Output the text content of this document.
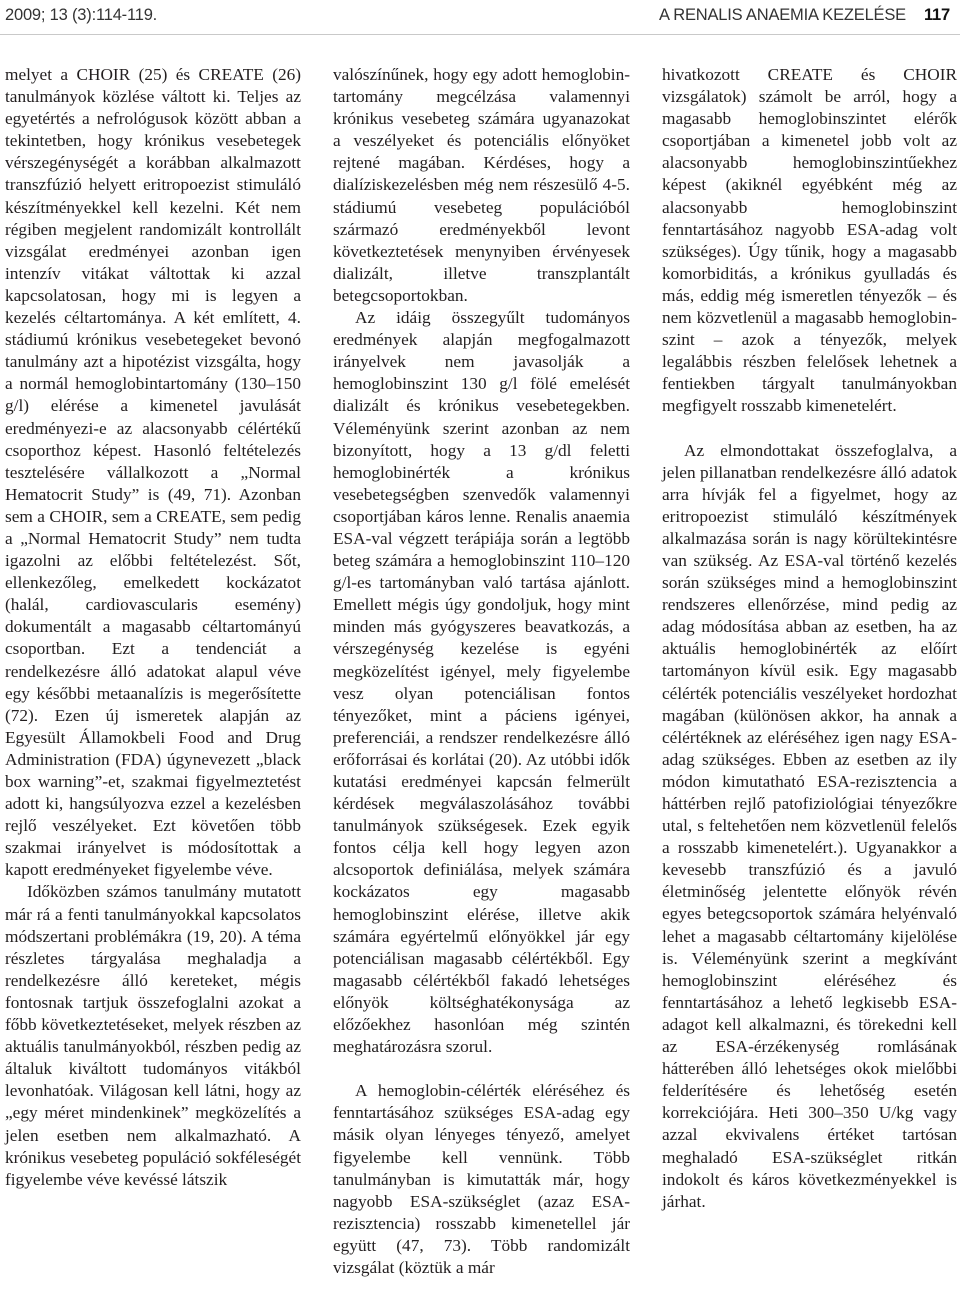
2009; 13 (3):114-119.	A RENALIS ANAEMIA KEZELÉSE 117

melyet a CHOIR (25) és CREATE (26) tanulmányok közlése váltott ki. Teljes az egyetértés a nefrológusok között abban a tekintetben, hogy krónikus vesebetegek vérszegénységét a korábban alkalmazott transzfúzió helyett eritropoezist stimuláló készítményekkel kell kezelni. Két nem régiben megjelent randomizált kontrollált vizsgálat eredményei azonban igen intenzív vitákat váltottak ki azzal kapcsolatosan, hogy mi is legyen a kezelés céltartománya. A két említett, 4. stádiumú krónikus vesebetegeket bevonó tanulmány azt a hipotézist vizsgálta, hogy a normál hemoglobintartomány (130–150 g/l) elérése a kimenetel javulását eredményezi-e az alacsonyabb célértékű csoporthoz képest. Hasonló feltételezés tesztelésére vállalkozott a „Normal Hematocrit Study” is (49, 71). Azonban sem a CHOIR, sem a CREATE, sem pedig a „Normal Hematocrit Study” nem tudta igazolni az előbbi feltételezést. Sőt, ellenkezőleg, emelkedett kockázatot (halál, cardiovascularis esemény) dokumentált a magasabb céltartományú csoportban. Ezt a tendenciát a rendelkezésre álló adatokat alapul véve egy későbbi metaanalízis is megerősítette (72). Ezen új ismeretek alapján az Egyesült Államokbeli Food and Drug Administration (FDA) úgynevezett „black box warning”-et, szakmai figyelmeztetést adott ki, hangsúlyozva ezzel a kezelésben rejlő veszélyeket. Ezt követően több szakmai irányelvet is módosítottak a kapott eredményeket figyelembe véve.

Időközben számos tanulmány mutatott már rá a fenti tanulmányokkal kapcsolatos módszertani problémákra (19, 20). A téma részletes tárgyalása meghaladja a rendelkezésre álló kereteket, mégis fontosnak tartjuk összefoglalni azokat a főbb következtetéseket, melyek részben az aktuális tanulmányokból, részben pedig az általuk kiváltott tudományos vitákból levonhatóak. Világosan kell látni, hogy az „egy méret mindenkinek” megközelítés a jelen esetben nem alkalmazható. A krónikus vesebeteg populáció sokféleségét figyelembe véve kevéssé látszik

valószínűnek, hogy egy adott hemoglobin-tartomány megcélzása valamennyi krónikus vesebeteg számára ugyanazokat a veszélyeket és potenciális előnyöket rejtené magában. Kérdéses, hogy a dialíziskezelésben még nem részesülő 4-5. stádiumú vesebeteg populációból származó eredményekből levont következtetések menynyiben érvényesek dializált, illetve transzplantált betegcsoportokban.

Az idáig összegyűlt tudományos eredmények alapján megfogalmazott irányelvek nem javasolják a hemoglobinszint 130 g/l fölé emelését dializált és krónikus vesebetegekben. Véleményünk szerint azonban az nem bizonyított, hogy a 13 g/dl feletti hemoglobinérték a krónikus vesebetegségben szenvedők valamennyi csoportjában káros lenne. Renalis anaemia ESA-val végzett terápiája során a legtöbb beteg számára a hemoglobinszint 110–120 g/l-es tartományban való tartása ajánlott. Emellett mégis úgy gondoljuk, hogy mint minden más gyógyszeres beavatkozás, a vérszegénység kezelése is egyéni megközelítést igényel, mely figyelembe vesz olyan potenciálisan fontos tényezőket, mint a páciens igényei, preferenciái, a rendszer rendelkezésre álló erőforrásai és korlátai (20). Az utóbbi idők kutatási eredményei kapcsán felmerült kérdések megválaszolásához további tanulmányok szükségesek. Ezek egyik fontos célja kell hogy legyen azon alcsoportok definiálása, melyek számára kockázatos egy magasabb hemoglobinszint elérése, illetve akik számára egyértelmű előnyökkel jár egy potenciálisan magasabb célértékből. Egy magasabb célértékből fakadó lehetséges előnyök költséghatékonysága az előzőekhez hasonlóan még szintén meghatározásra szorul.

A hemoglobin-célérték eléréséhez és fenntartásához szükséges ESA-adag egy másik olyan lényeges tényező, amelyet figyelembe kell vennünk. Több tanulmányban is kimutatták már, hogy nagyobb ESA-szükséglet (azaz ESA-rezisztencia) rosszabb kimenetellel jár együtt (47, 73). Több randomizált vizsgálat (köztük a már

hivatkozott CREATE és CHOIR vizsgálatok) számolt be arról, hogy a magasabb hemoglobinszintet elérők csoportjában a kimenetel jobb volt az alacsonyabb hemoglobinszintűekhez képest (akiknél egyébként még az alacsonyabb hemoglobinszint fenntartásához nagyobb ESA-adag volt szükséges). Úgy tűnik, hogy a magasabb komorbiditás, a krónikus gyulladás és más, eddig még ismeretlen tényezők – és nem közvetlenül a magasabb hemoglobin-szint – azok a tényezők, melyek legalábbis részben felelősek lehetnek a fentiekben tárgyalt tanulmányokban megfigyelt rosszabb kimenetelért.

Az elmondottakat összefoglalva, a jelen pillanatban rendelkezésre álló adatok arra hívják fel a figyelmet, hogy az eritropoezist stimuláló készítmények alkalmazása során is nagy körültekintésre van szükség. Az ESA-val történő kezelés során szükséges mind a hemoglobinszint rendszeres ellenőrzése, mind pedig az adag módosítása abban az esetben, ha az aktuális hemoglobinérték az előírt tartományon kívül esik. Egy magasabb célérték potenciális veszélyeket hordozhat magában (különösen akkor, ha annak a célértéknek az eléréséhez igen nagy ESA-adag szükséges. Ebben az esetben az ily módon kimutatható ESA-rezisztencia a háttérben rejlő patofiziológiai tényezőkre utal, s feltehetően nem közvetlenül felelős a rosszabb kimenetelért.). Ugyanakkor a kevesebb transzfúzió és a javuló életminőség jelentette előnyök révén egyes betegcsoportok számára helyénvaló lehet a magasabb céltartomány kijelölése is. Véleményünk szerint a megkívánt hemoglobinszint eléréséhez és fenntartásához a lehető legkisebb ESA-adagot kell alkalmazni, és törekedni kell az ESA-érzékenység romlásának hátterében álló lehetséges okok mielőbbi felderítésére és lehetőség esetén korrekciójára. Heti 300–350 U/kg vagy azzal ekvivalens értéket tartósan meghaladó ESA-szükséglet ritkán indokolt és káros következményekkel is járhat.
